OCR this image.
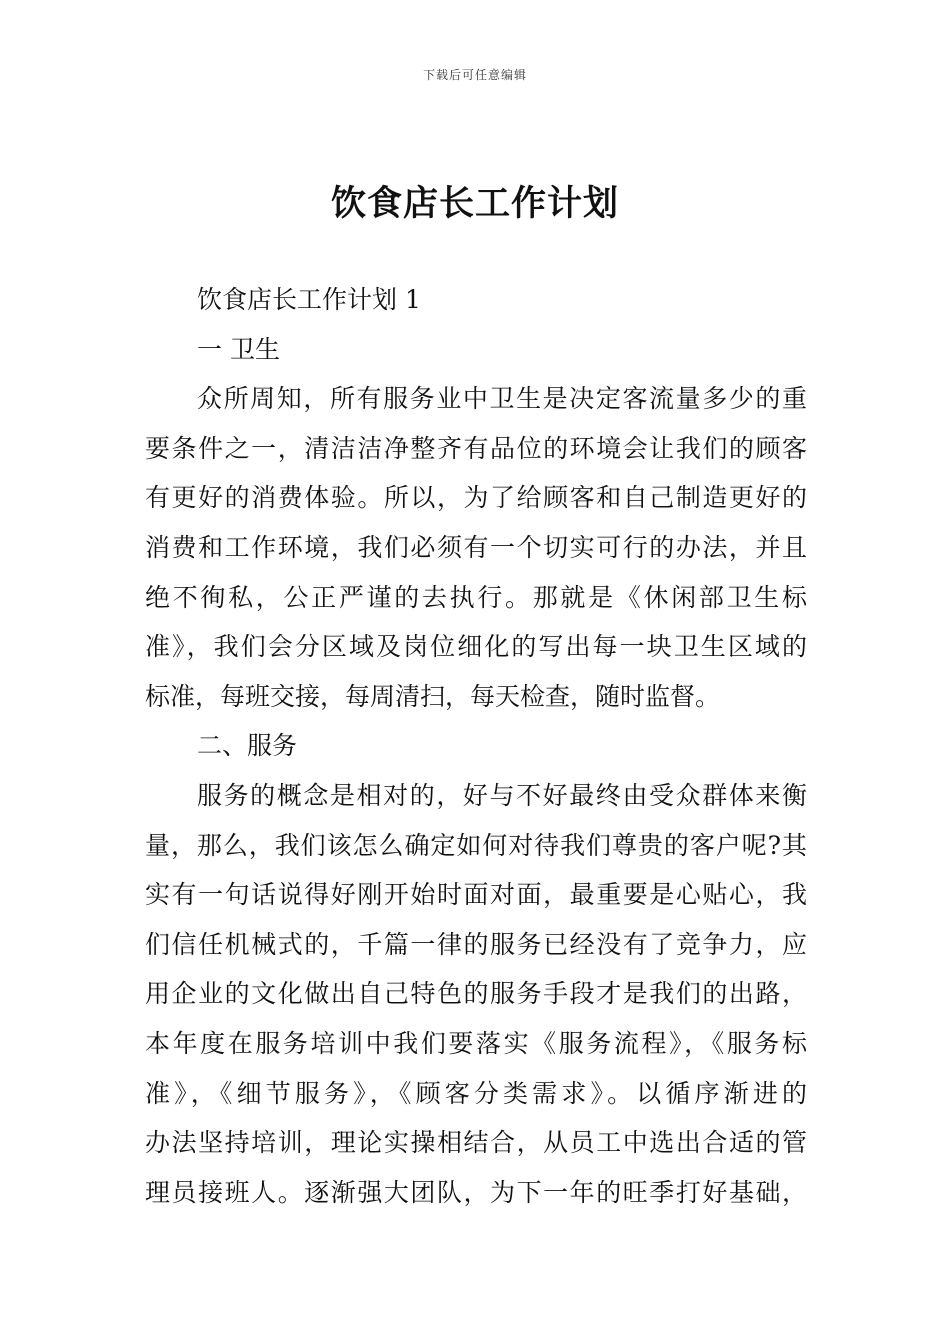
下载后可任意编辑
饮食店长工作计划
饮食店长工作计划 1
一 卫生
众所周知，所有服务业中卫生是决定客流量多少的重
要条件之一，清洁洁净整齐有品位的环境会让我们的顾客
有更好的消费体验。所以，为了给顾客和自己制造更好的
消费和工作环境，我们必须有一个切实可行的办法，并且
绝不徇私，公正严谨的去执行。那就是《休闲部卫生标
准》，我们会分区域及岗位细化的写出每一块卫生区域的
标准，每班交接，每周清扫，每天检查，随时监督。
二、服务
服务的概念是相对的，好与不好最终由受众群体来衡
量，那么，我们该怎么确定如何对待我们尊贵的客户呢?其
实有一句话说得好刚开始时面对面，最重要是心贴心，我
们信任机械式的，千篇一律的服务已经没有了竞争力，应
用企业的文化做出自己特色的服务手段才是我们的出路，
本年度在服务培训中我们要落实《服务流程》，《服务标
准》，《细节服务》，《顾客分类需求》。以循序渐进的
办法坚持培训，理论实操相结合，从员工中选出合适的管
理员接班人。逐渐强大团队，为下一年的旺季打好基础，
